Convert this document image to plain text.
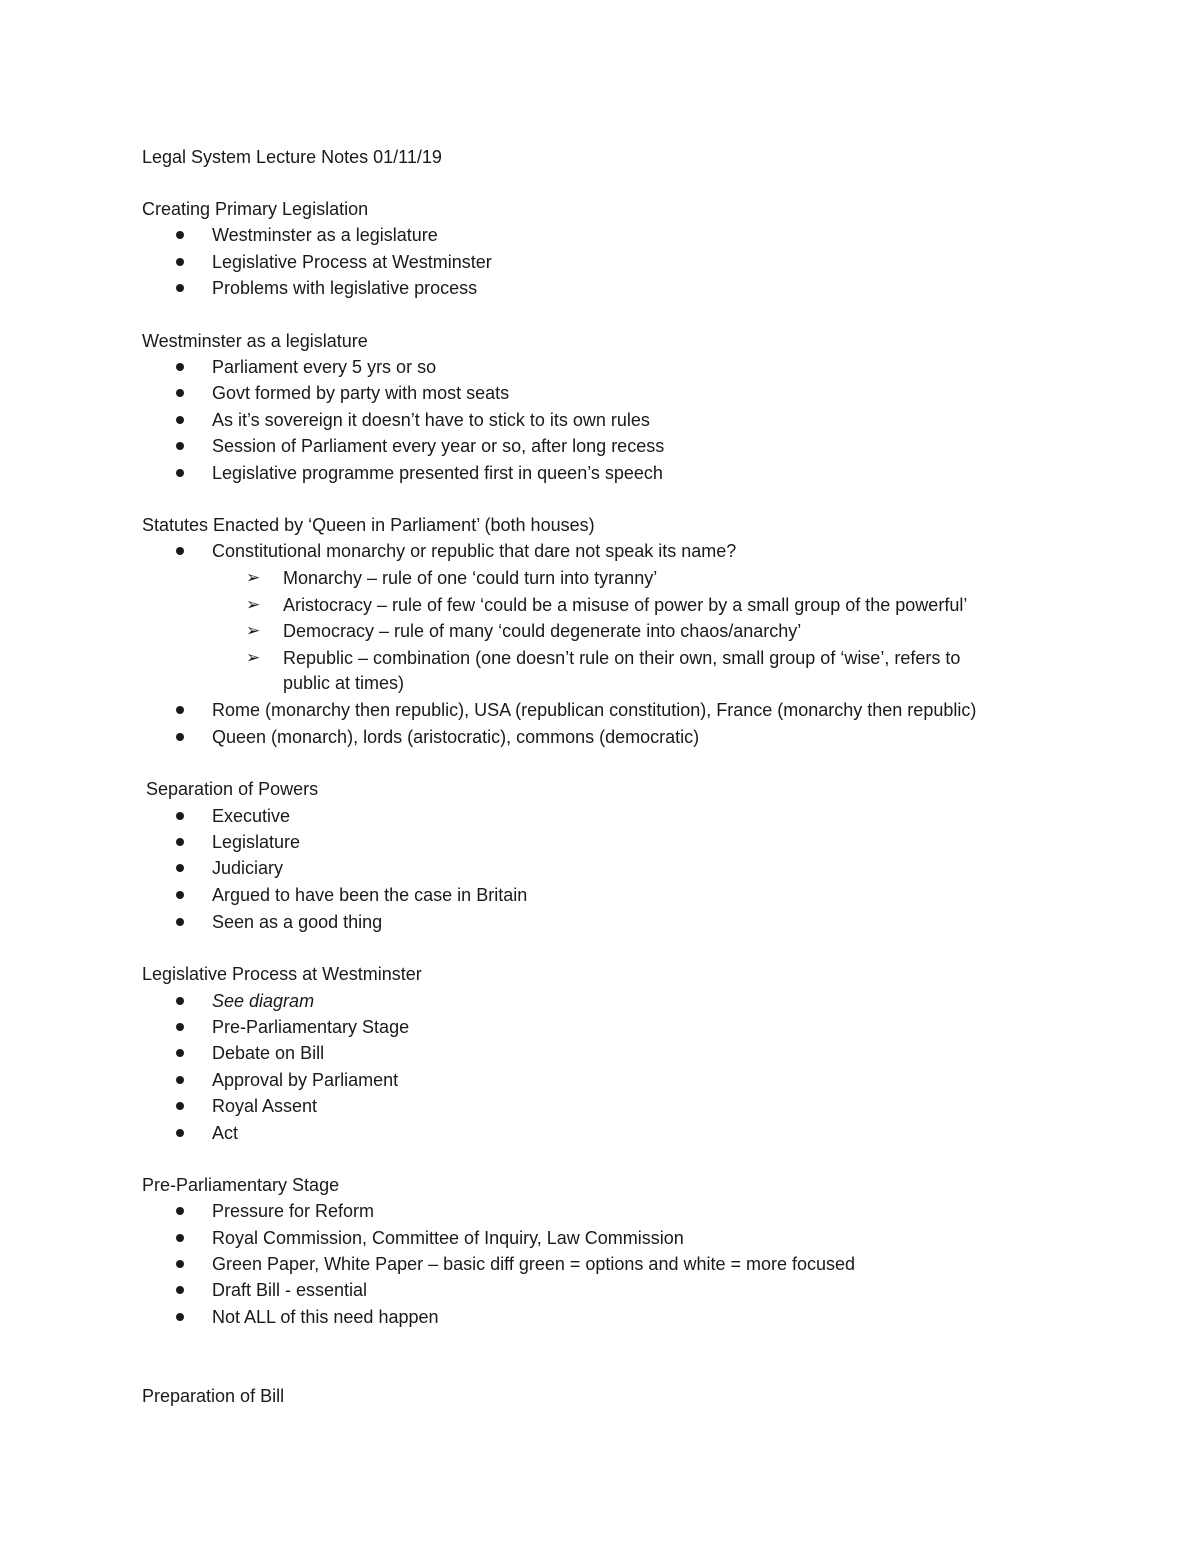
Legal System Lecture Notes 01/11/19
Creating Primary Legislation
Westminster as a legislature
Legislative Process at Westminster
Problems with legislative process
Westminster as a legislature
Parliament every 5 yrs or so
Govt formed by party with most seats
As it’s sovereign it doesn’t have to stick to its own rules
Session of Parliament every year or so, after long recess
Legislative programme presented first in queen’s speech
Statutes Enacted by ‘Queen in Parliament’ (both houses)
Constitutional monarchy or republic that dare not speak its name?
➢ Monarchy – rule of one ‘could turn into tyranny’
➢ Aristocracy – rule of few ‘could be a misuse of power by a small group of the powerful’
➢ Democracy – rule of many ‘could degenerate into chaos/anarchy’
➢ Republic – combination (one doesn’t rule on their own, small group of ‘wise’, refers to
public at times)
Rome (monarchy then republic), USA (republican constitution), France (monarchy then republic)
Queen (monarch), lords (aristocratic), commons (democratic)
Separation of Powers
Executive
Legislature
Judiciary
Argued to have been the case in Britain
Seen as a good thing
Legislative Process at Westminster
See diagram
Pre-Parliamentary Stage
Debate on Bill
Approval by Parliament
Royal Assent
Act
Pre-Parliamentary Stage
Pressure for Reform
Royal Commission, Committee of Inquiry, Law Commission
Green Paper, White Paper – basic diff green = options and white = more focused
Draft Bill - essential
Not ALL of this need happen
Preparation of Bill
